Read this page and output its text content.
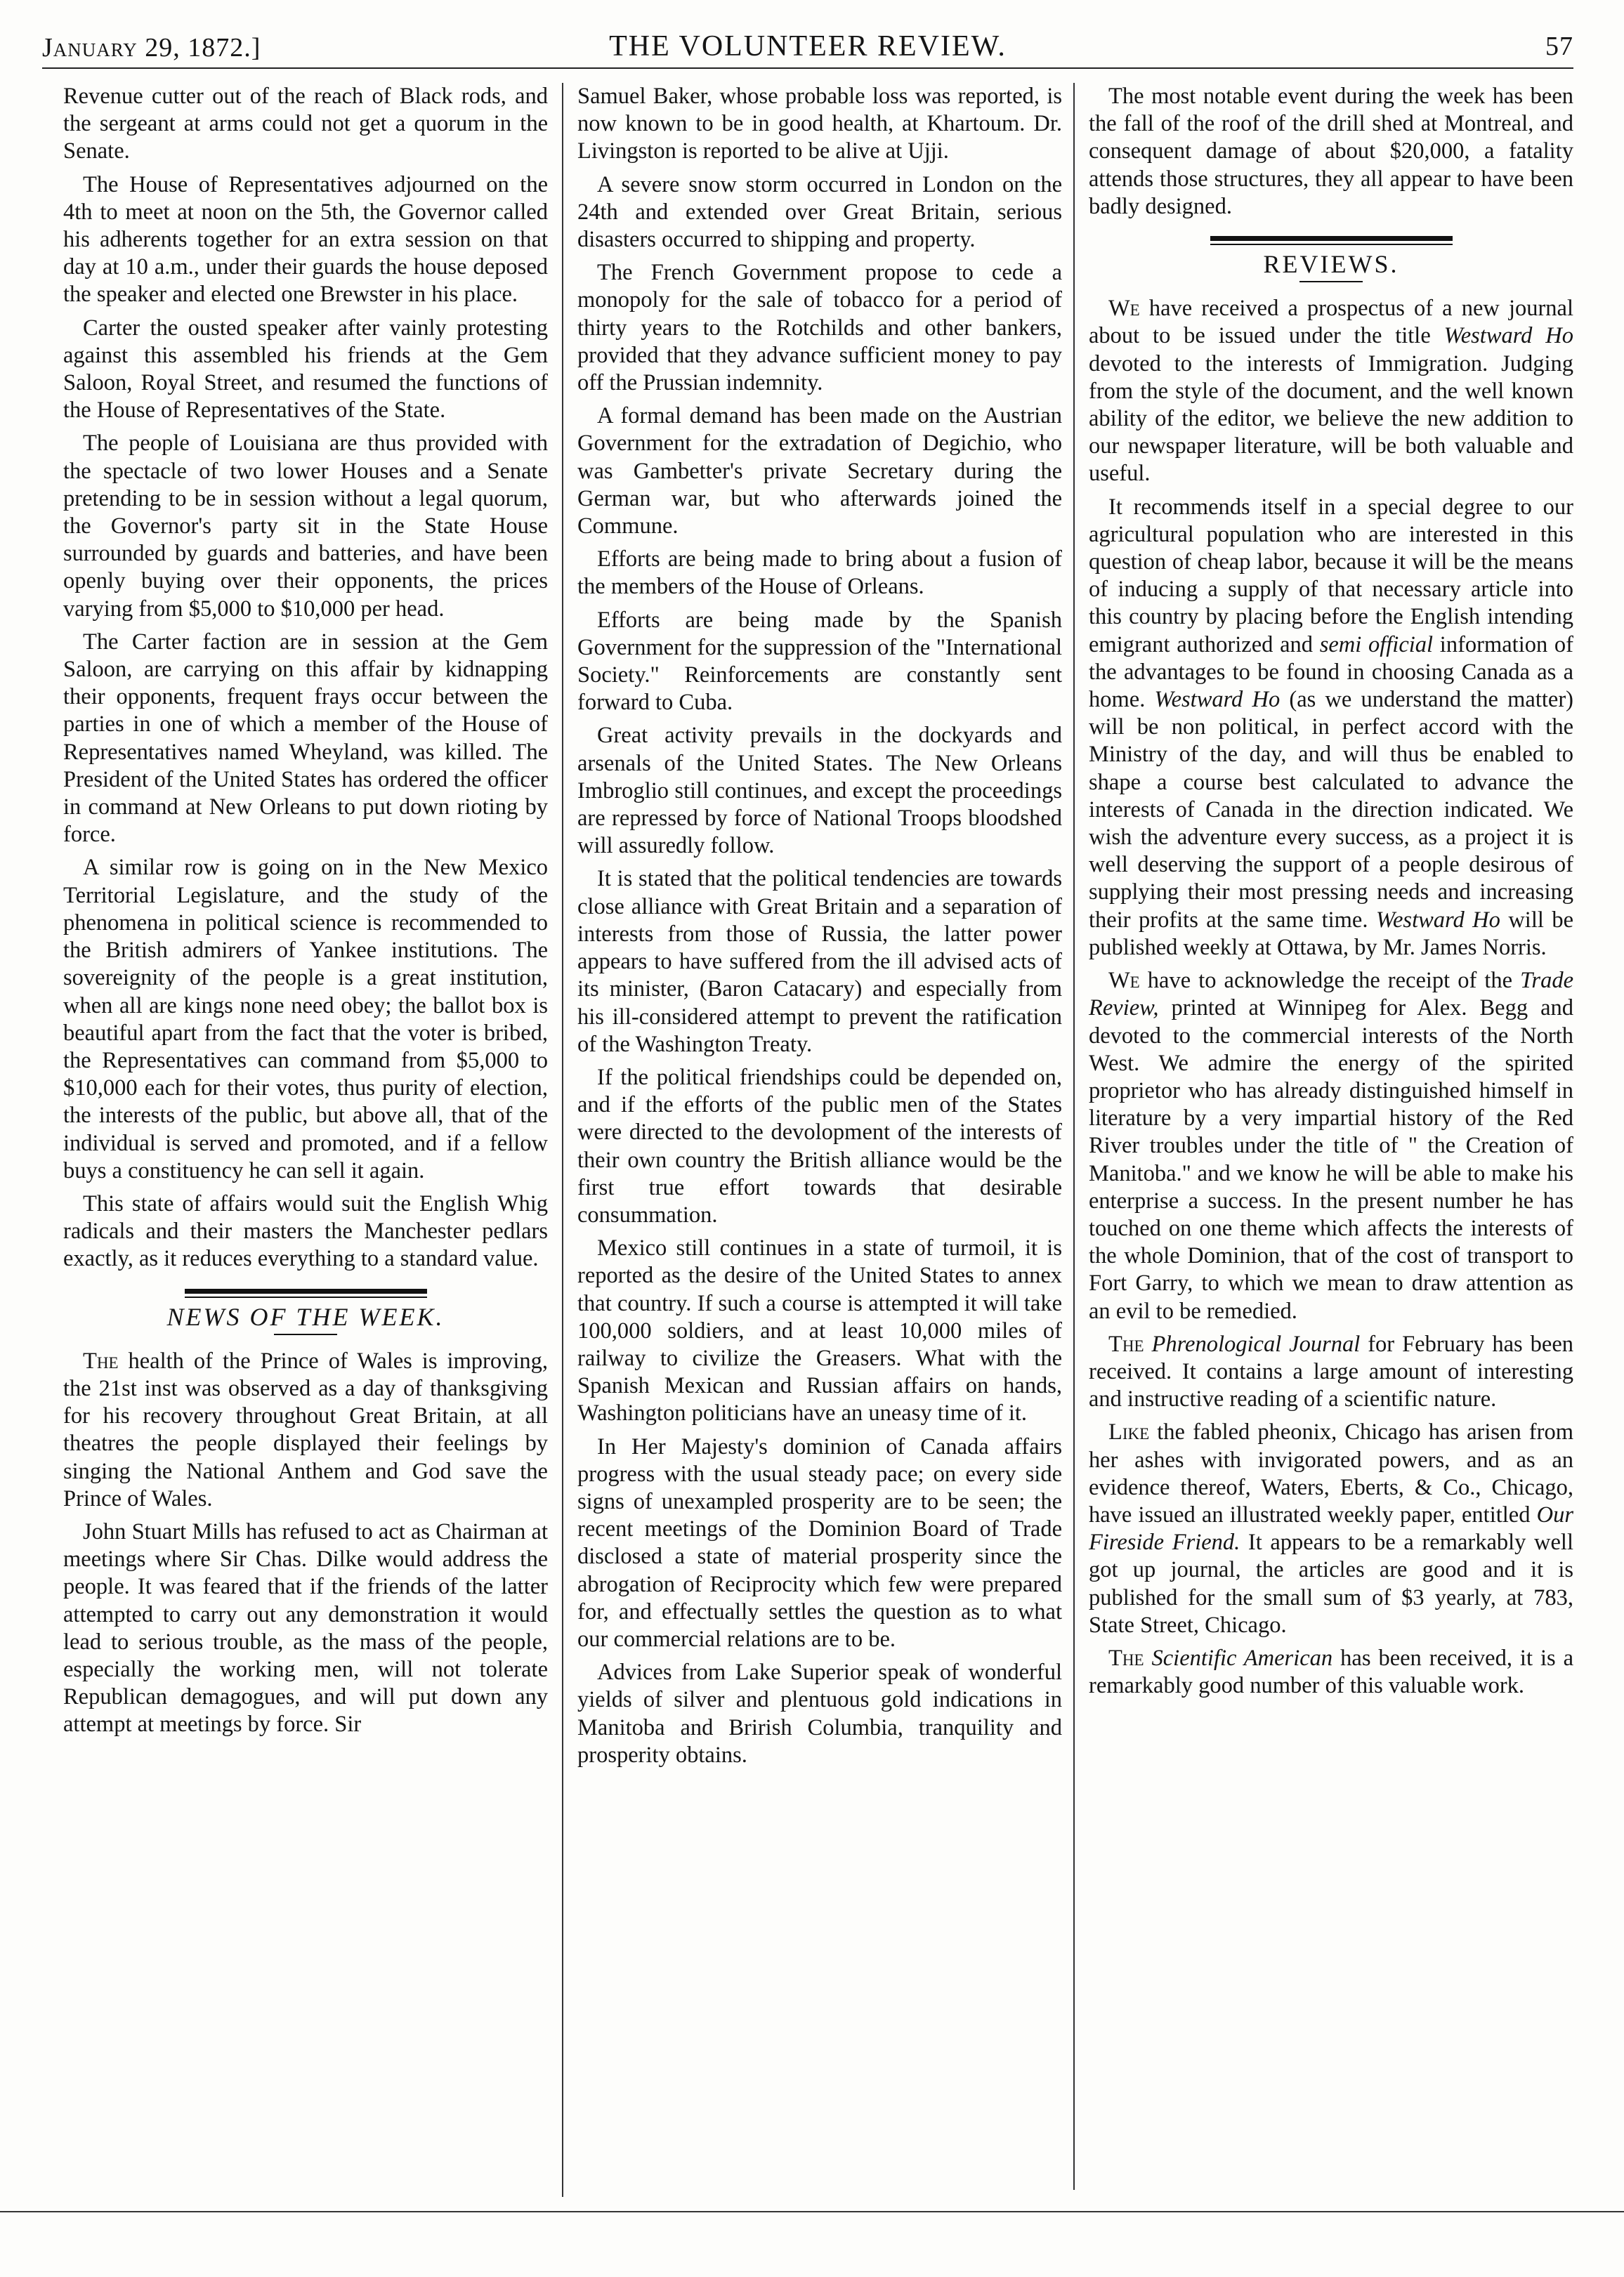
January 29, 1872.]	THE VOLUNTEER REVIEW.	57

Revenue cutter out of the reach of Black rods, and the sergeant at arms could not get a quorum in the Senate.

The House of Representatives adjourned on the 4th to meet at noon on the 5th, the Governor called his adherents together for an extra session on that day at 10 a.m., under their guards the house deposed the speaker and elected one Brewster in his place.

Carter the ousted speaker after vainly protesting against this assembled his friends at the Gem Saloon, Royal Street, and resumed the functions of the House of Representatives of the State.

The people of Louisiana are thus provided with the spectacle of two lower Houses and a Senate pretending to be in session without a legal quorum, the Governor's party sit in the State House surrounded by guards and batteries, and have been openly buying over their opponents, the prices varying from $5,000 to $10,000 per head.

The Carter faction are in session at the Gem Saloon, are carrying on this affair by kidnapping their opponents, frequent frays occur between the parties in one of which a member of the House of Representatives named Wheyland, was killed. The President of the United States has ordered the officer in command at New Orleans to put down rioting by force.

A similar row is going on in the New Mexico Territorial Legislature, and the study of the phenomena in political science is recommended to the British admirers of Yankee institutions. The sovereignity of the people is a great institution, when all are kings none need obey; the ballot box is beautiful apart from the fact that the voter is bribed, the Representatives can command from $5,000 to $10,000 each for their votes, thus purity of election, the interests of the public, but above all, that of the individual is served and promoted, and if a fellow buys a constituency he can sell it again.

This state of affairs would suit the English Whig radicals and their masters the Manchester pedlars exactly, as it reduces everything to a standard value.

NEWS OF THE WEEK.

The health of the Prince of Wales is improving, the 21st inst was observed as a day of thanksgiving for his recovery throughout Great Britain, at all theatres the people displayed their feelings by singing the National Anthem and God save the Prince of Wales.

John Stuart Mills has refused to act as Chairman at meetings where Sir Chas. Dilke would address the people. It was feared that if the friends of the latter attempted to carry out any demonstration it would lead to serious trouble, as the mass of the people, especially the working men, will not tolerate Republican demagogues, and will put down any attempt at meetings by force. Sir

Samuel Baker, whose probable loss was reported, is now known to be in good health, at Khartoum. Dr. Livingston is reported to be alive at Ujji.

A severe snow storm occurred in London on the 24th and extended over Great Britain, serious disasters occurred to shipping and property.

The French Government propose to cede a monopoly for the sale of tobacco for a period of thirty years to the Rotchilds and other bankers, provided that they advance sufficient money to pay off the Prussian indemnity.

A formal demand has been made on the Austrian Government for the extradation of Degichio, who was Gambetter's private Secretary during the German war, but who afterwards joined the Commune.

Efforts are being made to bring about a fusion of the members of the House of Orleans.

Efforts are being made by the Spanish Government for the suppression of the "International Society." Reinforcements are constantly sent forward to Cuba.

Great activity prevails in the dockyards and arsenals of the United States. The New Orleans Imbroglio still continues, and except the proceedings are repressed by force of National Troops bloodshed will assuredly follow.

It is stated that the political tendencies are towards close alliance with Great Britain and a separation of interests from those of Russia, the latter power appears to have suffered from the ill advised acts of its minister, (Baron Catacary) and especially from his ill-considered attempt to prevent the ratification of the Washington Treaty.

If the political friendships could be depended on, and if the efforts of the public men of the States were directed to the devolopment of the interests of their own country the British alliance would be the first true effort towards that desirable consummation.

Mexico still continues in a state of turmoil, it is reported as the desire of the United States to annex that country. If such a course is attempted it will take 100,000 soldiers, and at least 10,000 miles of railway to civilize the Greasers. What with the Spanish Mexican and Russian affairs on hands, Washington politicians have an uneasy time of it.

In Her Majesty's dominion of Canada affairs progress with the usual steady pace; on every side signs of unexampled prosperity are to be seen; the recent meetings of the Dominion Board of Trade disclosed a state of material prosperity since the abrogation of Reciprocity which few were prepared for, and effectually settles the question as to what our commercial relations are to be.

Advices from Lake Superior speak of wonderful yields of silver and plentuous gold indications in Manitoba and Brirish Columbia, tranquility and prosperity obtains.

The most notable event during the week has been the fall of the roof of the drill shed at Montreal, and consequent damage of about $20,000, a fatality attends those structures, they all appear to have been badly designed.

REVIEWS.

We have received a prospectus of a new journal about to be issued under the title Westward Ho devoted to the interests of Immigration. Judging from the style of the document, and the well known ability of the editor, we believe the new addition to our newspaper literature, will be both valuable and useful.

It recommends itself in a special degree to our agricultural population who are interested in this question of cheap labor, because it will be the means of inducing a supply of that necessary article into this country by placing before the English intending emigrant authorized and semi official information of the advantages to be found in choosing Canada as a home. Westward Ho (as we understand the matter) will be non political, in perfect accord with the Ministry of the day, and will thus be enabled to shape a course best calculated to advance the interests of Canada in the direction indicated. We wish the adventure every success, as a project it is well deserving the support of a people desirous of supplying their most pressing needs and increasing their profits at the same time. Westward Ho will be published weekly at Ottawa, by Mr. James Norris.

We have to acknowledge the receipt of the Trade Review, printed at Winnipeg for Alex. Begg and devoted to the commercial interests of the North West. We admire the energy of the spirited proprietor who has already distinguished himself in literature by a very impartial history of the Red River troubles under the title of " the Creation of Manitoba." and we know he will be able to make his enterprise a success. In the present number he has touched on one theme which affects the interests of the whole Dominion, that of the cost of transport to Fort Garry, to which we mean to draw attention as an evil to be remedied.

The Phrenological Journal for February has been received. It contains a large amount of interesting and instructive reading of a scientific nature.

Like the fabled pheonix, Chicago has arisen from her ashes with invigorated powers, and as an evidence thereof, Waters, Eberts, & Co., Chicago, have issued an illustrated weekly paper, entitled Our Fireside Friend. It appears to be a remarkably well got up journal, the articles are good and it is published for the small sum of $3 yearly, at 783, State Street, Chicago.

The Scientific American has been received, it is a remarkably good number of this valuable work.
